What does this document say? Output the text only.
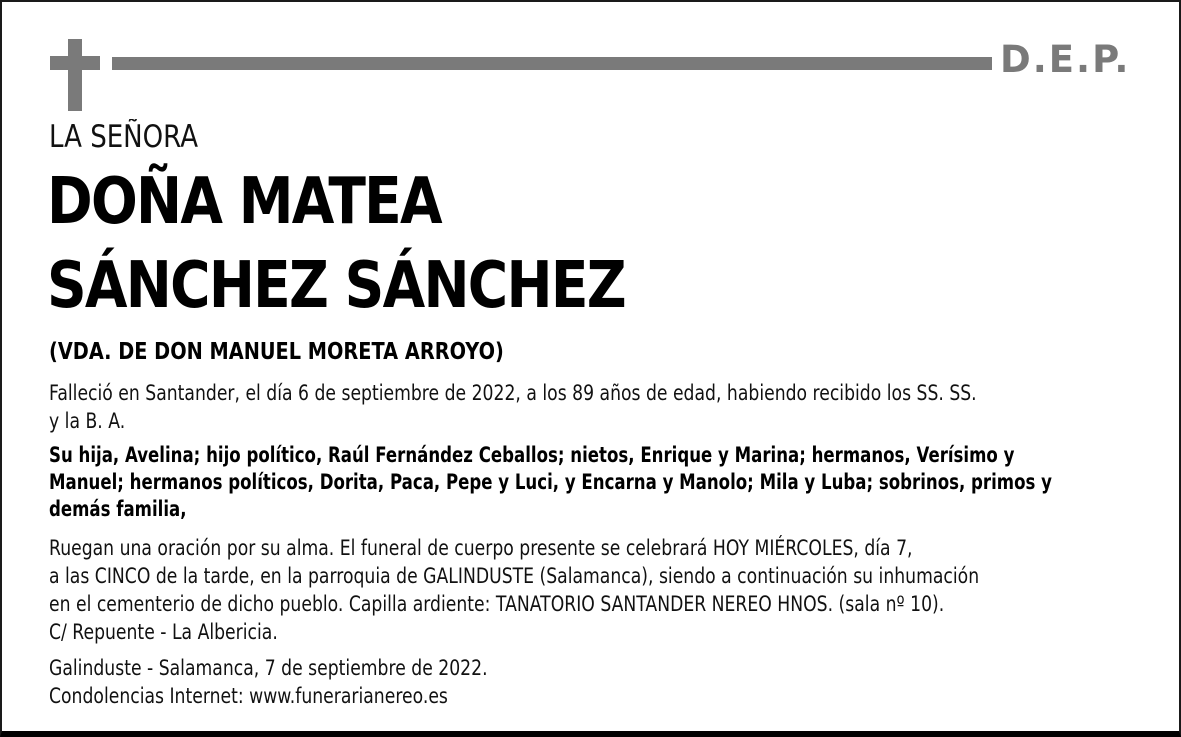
D.E.P.
LA SEÑORA
DOÑA MATEA
SÁNCHEZ SÁNCHEZ
(VDA. DE DON MANUEL MORETA ARROYO)
Falleció en Santander, el día 6 de septiembre de 2022, a los 89 años de edad, habiendo recibido los SS. SS.
y la B. A.
Su hija, Avelina; hijo político, Raúl Fernández Ceballos; nietos, Enrique y Marina; hermanos, Verísimo y
Manuel; hermanos políticos, Dorita, Paca, Pepe y Luci, y Encarna y Manolo; Mila y Luba; sobrinos, primos y
demás familia,
Ruegan una oración por su alma. El funeral de cuerpo presente se celebrará HOY MIÉRCOLES, día 7,
a las CINCO de la tarde, en la parroquia de GALINDUSTE (Salamanca), siendo a continuación su inhumación
en el cementerio de dicho pueblo. Capilla ardiente: TANATORIO SANTANDER NEREO HNOS. (sala nº 10).
C/ Repuente - La Albericia.
Galinduste - Salamanca, 7 de septiembre de 2022.
Condolencias Internet: www.funerarianereo.es
